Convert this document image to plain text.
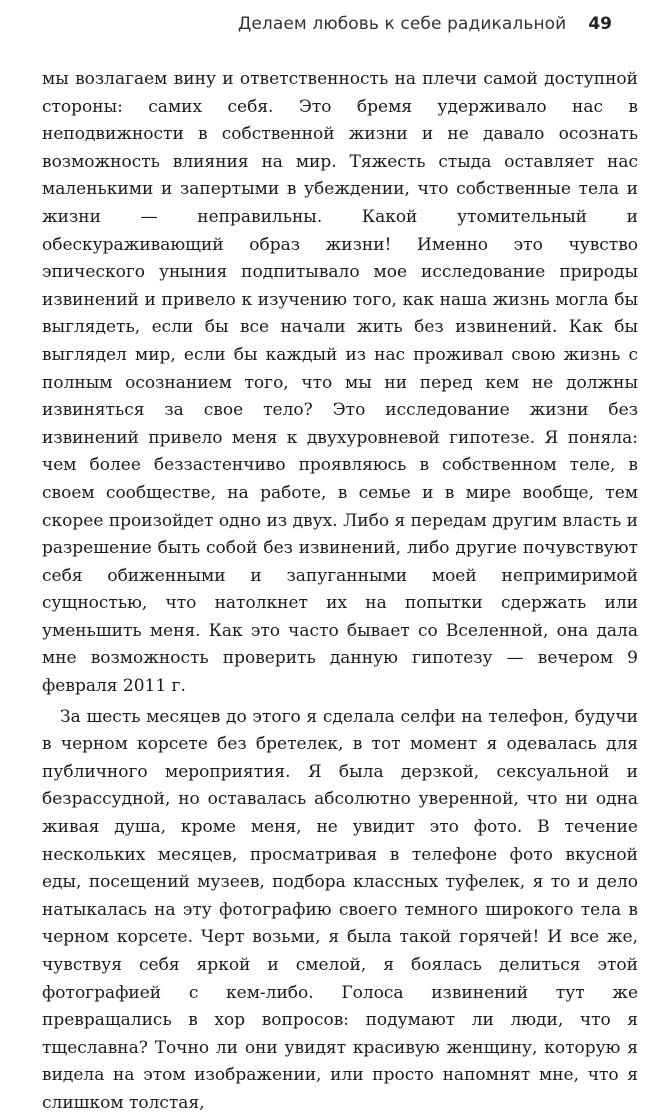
Делаем любовь к себе радикальной 49

мы возлагаем вину и ответственность на плечи самой доступной стороны: самих себя. Это бремя удерживало нас в неподвижности в собственной жизни и не давало осознать возможность влияния на мир. Тяжесть стыда оставляет нас маленькими и запертыми в убеждении, что собственные тела и жизни — неправильны. Какой утомительный и обескураживающий образ жизни! Именно это чувство эпического уныния подпитывало мое исследование природы извинений и привело к изучению того, как наша жизнь могла бы выглядеть, если бы все начали жить без извинений. Как бы выглядел мир, если бы каждый из нас проживал свою жизнь с полным осознанием того, что мы ни перед кем не должны извиняться за свое тело? Это исследование жизни без извинений привело меня к двухуровневой гипотезе. Я поняла: чем более беззастенчиво проявляюсь в собственном теле, в своем сообществе, на работе, в семье и в мире вообще, тем скорее произойдет одно из двух. Либо я передам другим власть и разрешение быть собой без извинений, либо другие почувствуют себя обиженными и запуганными моей непримиримой сущностью, что натолкнет их на попытки сдержать или уменьшить меня. Как это часто бывает со Вселенной, она дала мне возможность проверить данную гипотезу — вечером 9 февраля 2011 г.

За шесть месяцев до этого я сделала селфи на телефон, будучи в черном корсете без бретелек, в тот момент я одевалась для публичного мероприятия. Я была дерзкой, сексуальной и безрассудной, но оставалась абсолютно уверенной, что ни одна живая душа, кроме меня, не увидит это фото. В течение нескольких месяцев, просматривая в телефоне фото вкусной еды, посещений музеев, подбора классных туфелек, я то и дело натыкалась на эту фотографию своего темного широкого тела в черном корсете. Черт возьми, я была такой горячей! И все же, чувствуя себя яркой и смелой, я боялась делиться этой фотографией с кем-либо. Голоса извинений тут же превращались в хор вопросов: подумают ли люди, что я тщеславна? Точно ли они увидят красивую женщину, которую я видела на этом изображении, или просто напомнят мне, что я слишком толстая,
